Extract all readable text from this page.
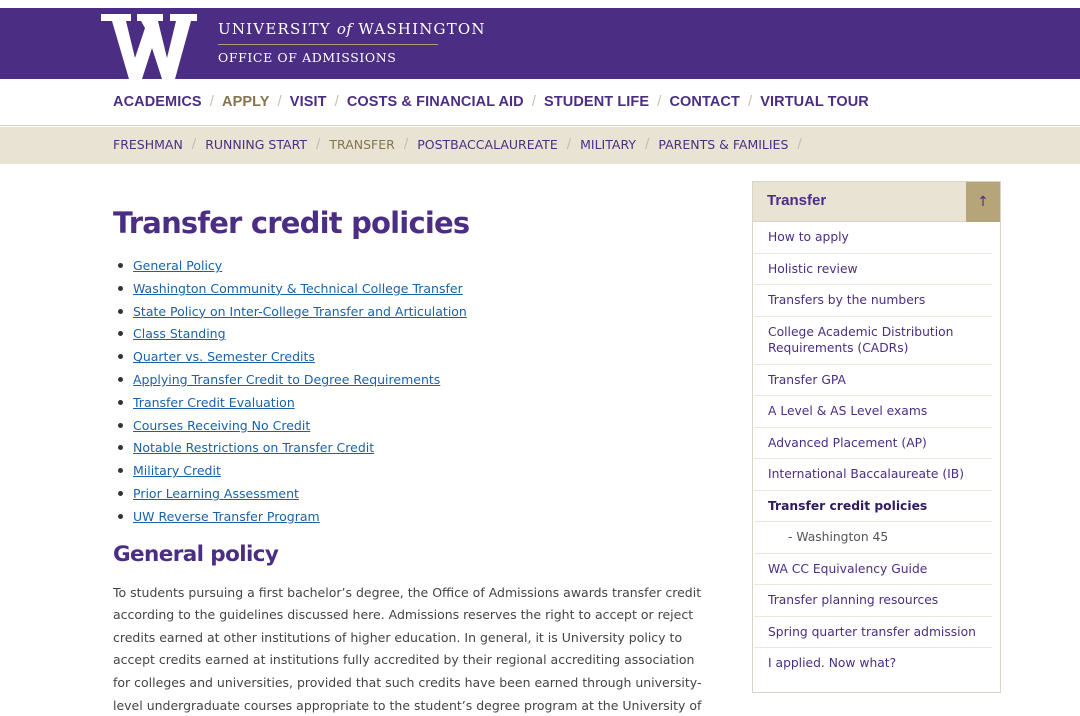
UNIVERSITY of WASHINGTON
OFFICE OF ADMISSIONS
ACADEMICS / APPLY / VISIT / COSTS & FINANCIAL AID / STUDENT LIFE / CONTACT / VIRTUAL TOUR
FRESHMAN / RUNNING START / TRANSFER / POSTBACCALAUREATE / MILITARY / PARENTS & FAMILIES /
Transfer credit policies
General Policy
Washington Community & Technical College Transfer
State Policy on Inter-College Transfer and Articulation
Class Standing
Quarter vs. Semester Credits
Applying Transfer Credit to Degree Requirements
Transfer Credit Evaluation
Courses Receiving No Credit
Notable Restrictions on Transfer Credit
Military Credit
Prior Learning Assessment
UW Reverse Transfer Program
General policy

To students pursuing a first bachelor’s degree, the Office of Admissions awards transfer credit according to the guidelines discussed here. Admissions reserves the right to accept or reject credits earned at other institutions of higher education. In general, it is University policy to accept credits earned at institutions fully accredited by their regional accrediting association for colleges and universities, provided that such credits have been earned through university-level undergraduate courses appropriate to the student’s degree program at the University of

Transfer	↑
How to apply
Holistic review
Transfers by the numbers
College Academic Distribution Requirements (CADRs)
Transfer GPA
A Level & AS Level exams
Advanced Placement (AP)
International Baccalaureate (IB)
Transfer credit policies
- Washington 45
WA CC Equivalency Guide
Transfer planning resources
Spring quarter transfer admission
I applied. Now what?
